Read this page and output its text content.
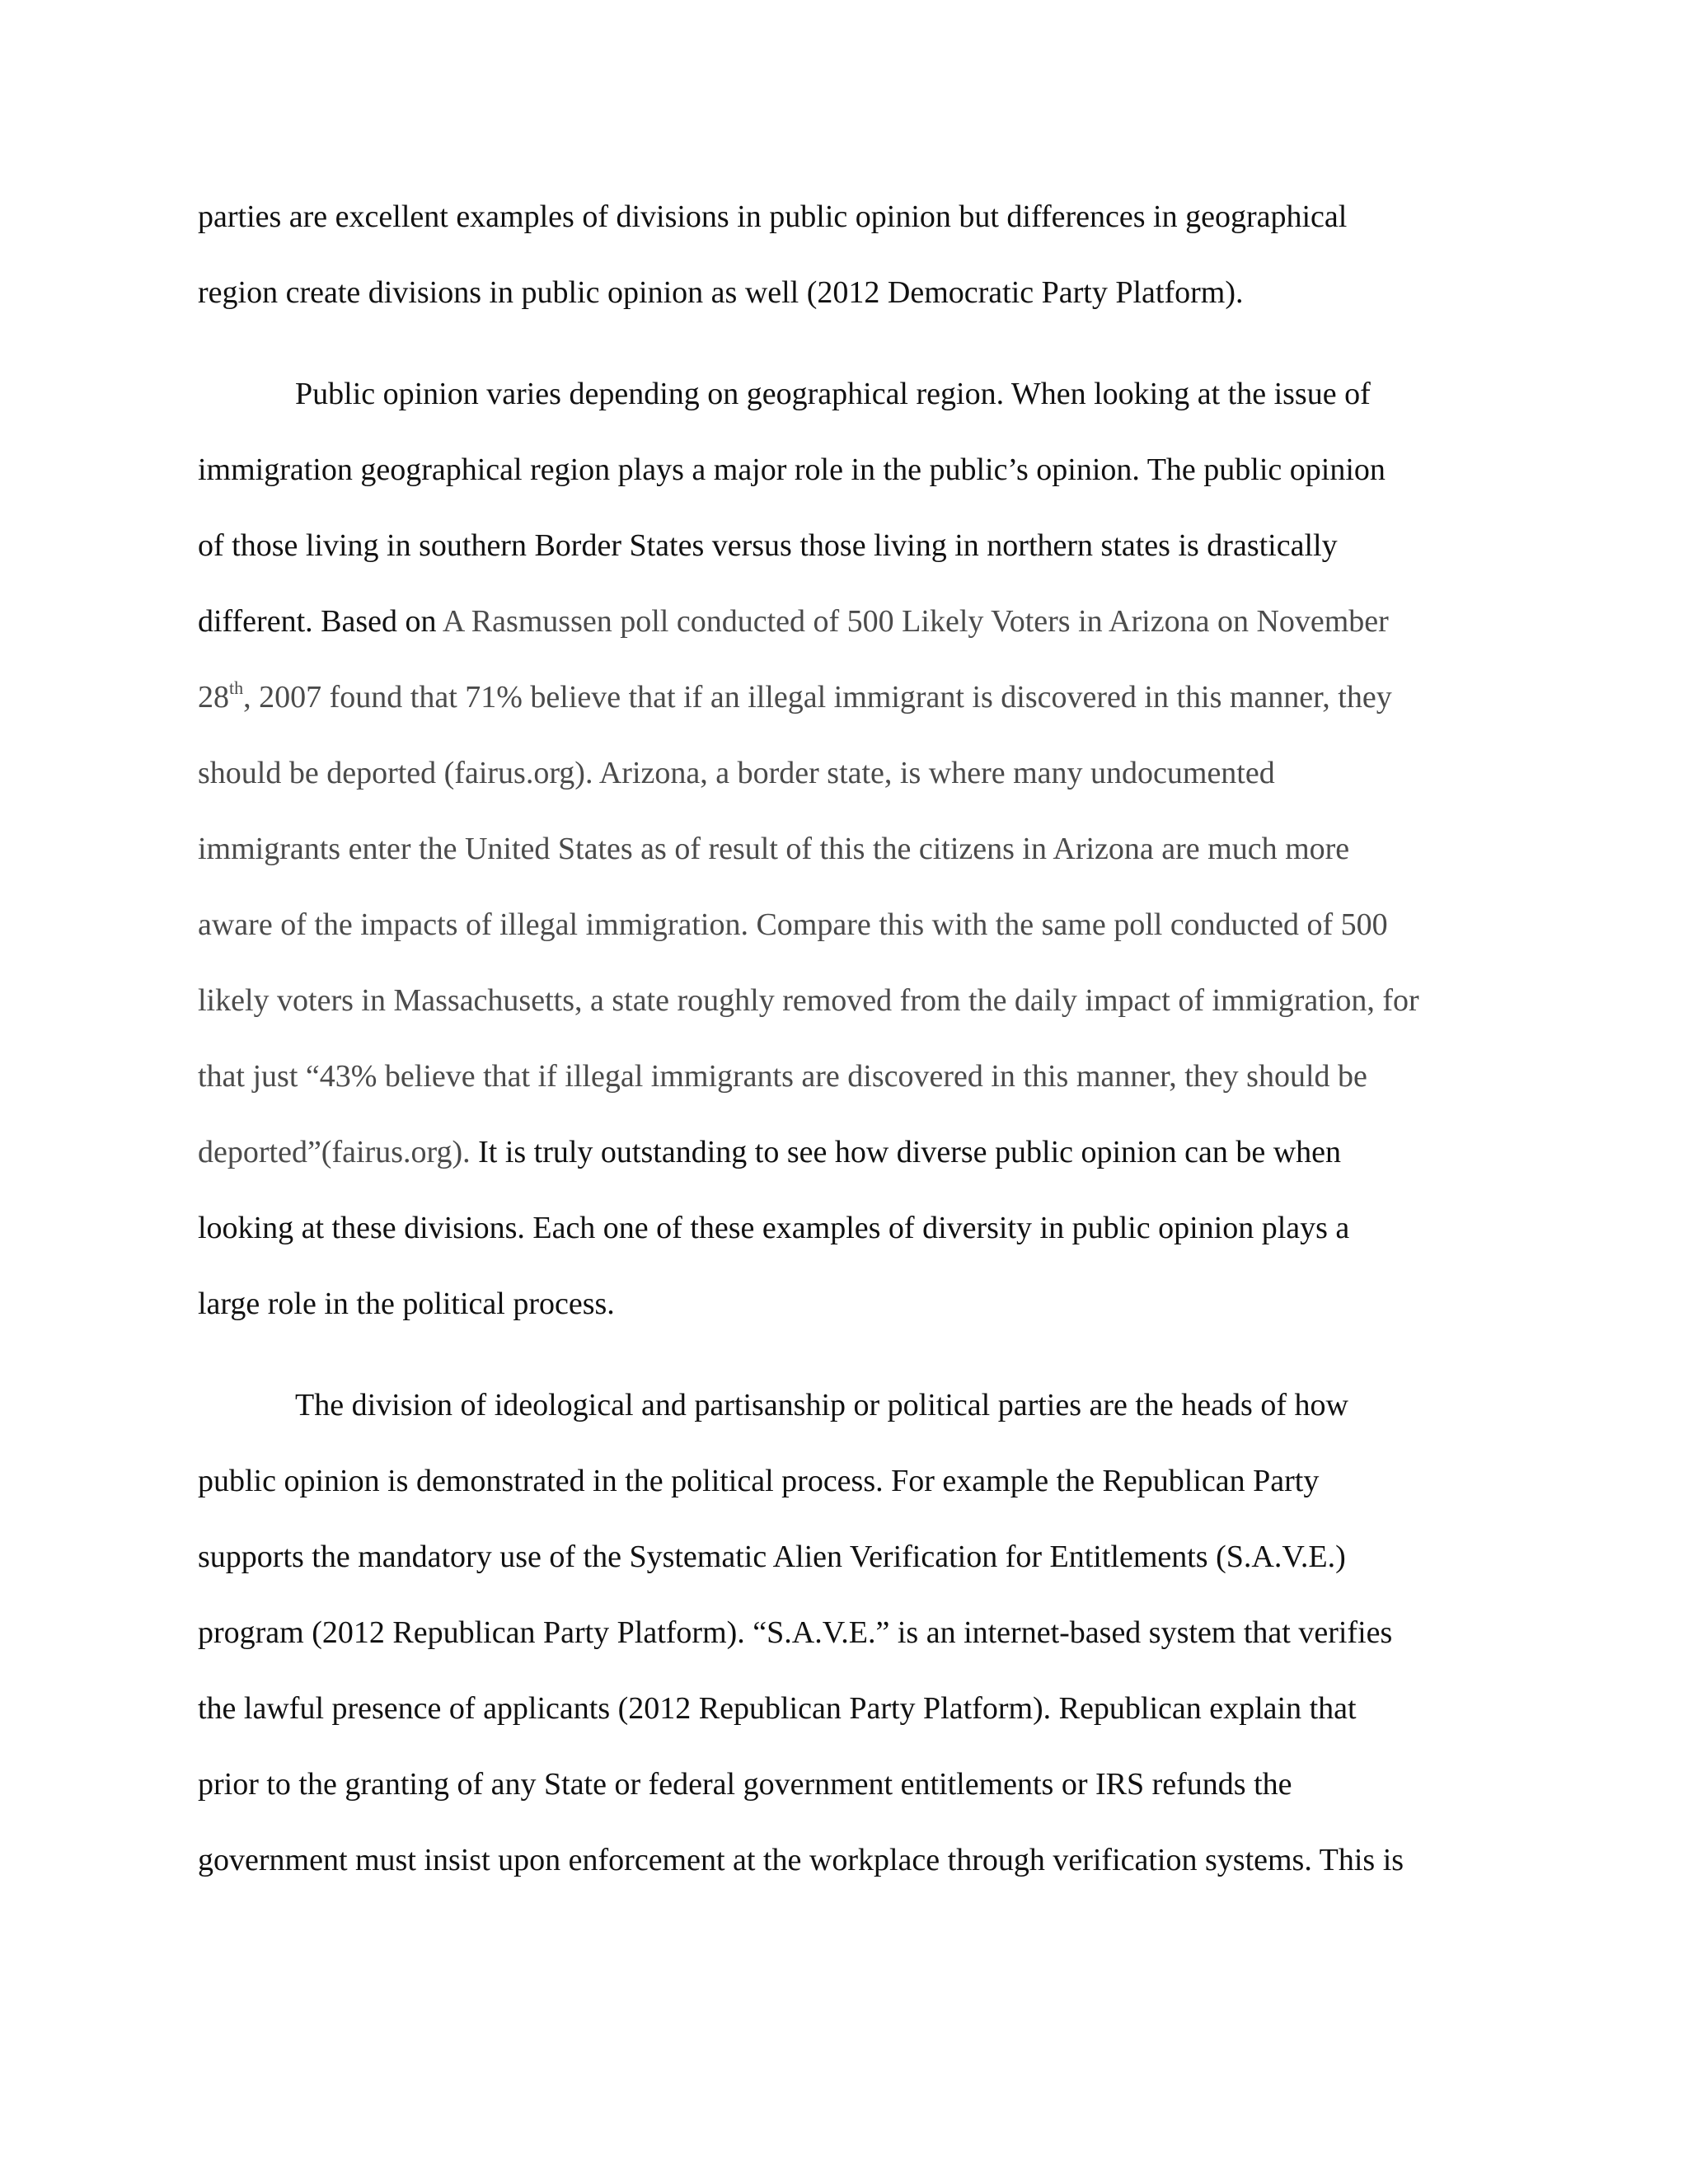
parties are excellent examples of divisions in public opinion but differences in geographical
region create divisions in public opinion as well (2012 Democratic Party Platform).
Public opinion varies depending on geographical region. When looking at the issue of
immigration geographical region plays a major role in the public’s opinion. The public opinion
of those living in southern Border States versus those living in northern states is drastically
different. Based on A Rasmussen poll conducted of 500 Likely Voters in Arizona on November
28th, 2007 found that 71% believe that if an illegal immigrant is discovered in this manner, they
should be deported (fairus.org). Arizona, a border state, is where many undocumented
immigrants enter the United States as of result of this the citizens in Arizona are much more
aware of the impacts of illegal immigration. Compare this with the same poll conducted of 500
likely voters in Massachusetts, a state roughly removed from the daily impact of immigration, for
that just “43% believe that if illegal immigrants are discovered in this manner, they should be
deported”(fairus.org). It is truly outstanding to see how diverse public opinion can be when
looking at these divisions. Each one of these examples of diversity in public opinion plays a
large role in the political process.
The division of ideological and partisanship or political parties are the heads of how
public opinion is demonstrated in the political process. For example the Republican Party
supports the mandatory use of the Systematic Alien Verification for Entitlements (S.A.V.E.)
program (2012 Republican Party Platform). “S.A.V.E.” is an internet-based system that verifies
the lawful presence of applicants (2012 Republican Party Platform). Republican explain that
prior to the granting of any State or federal government entitlements or IRS refunds the
government must insist upon enforcement at the workplace through verification systems. This is
